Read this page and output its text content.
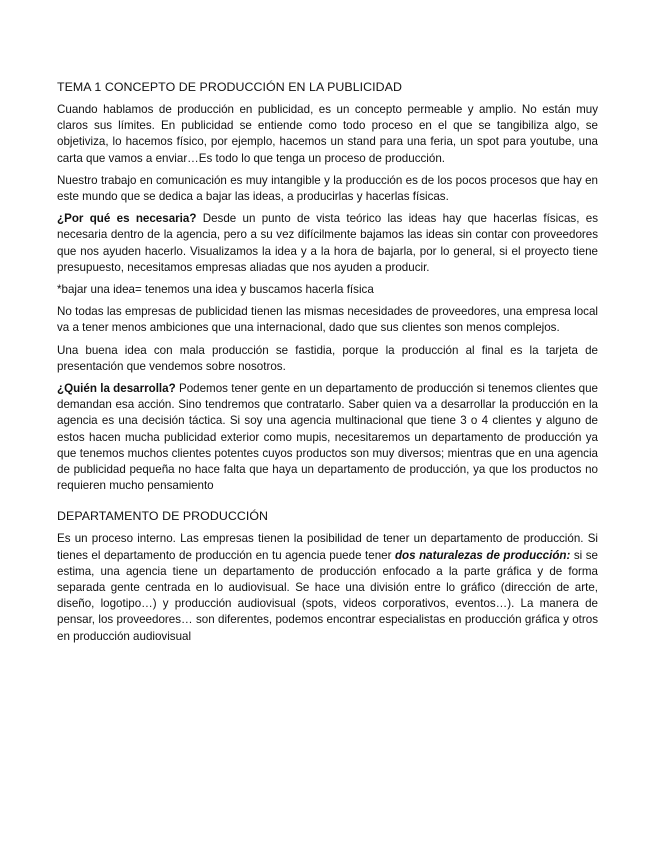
TEMA 1 CONCEPTO DE PRODUCCIÓN EN LA PUBLICIDAD

Cuando hablamos de producción en publicidad, es un concepto permeable y amplio. No están muy claros sus límites. En publicidad se entiende como todo proceso en el que se tangibiliza algo, se objetiviza, lo hacemos físico, por ejemplo, hacemos un stand para una feria, un spot para youtube, una carta que vamos a enviar…Es todo lo que tenga un proceso de producción.

Nuestro trabajo en comunicación es muy intangible y la producción es de los pocos procesos que hay en este mundo que se dedica a bajar las ideas, a producirlas y hacerlas físicas.

¿Por qué es necesaria? Desde un punto de vista teórico las ideas hay que hacerlas físicas, es necesaria dentro de la agencia, pero a su vez difícilmente bajamos las ideas sin contar con proveedores que nos ayuden hacerlo. Visualizamos la idea y a la hora de bajarla, por lo general, si el proyecto tiene presupuesto, necesitamos empresas aliadas que nos ayuden a producir.

*bajar una idea= tenemos una idea y buscamos hacerla física

No todas las empresas de publicidad tienen las mismas necesidades de proveedores, una empresa local va a tener menos ambiciones que una internacional, dado que sus clientes son menos complejos.

Una buena idea con mala producción se fastidia, porque la producción al final es la tarjeta de presentación que vendemos sobre nosotros.

¿Quién la desarrolla? Podemos tener gente en un departamento de producción si tenemos clientes que demandan esa acción. Sino tendremos que contratarlo. Saber quien va a desarrollar la producción en la agencia es una decisión táctica. Si soy una agencia multinacional que tiene 3 o 4 clientes y alguno de estos hacen mucha publicidad exterior como mupis, necesitaremos un departamento de producción ya que tenemos muchos clientes potentes cuyos productos son muy diversos; mientras que en una agencia de publicidad pequeña no hace falta que haya un departamento de producción, ya que los productos no requieren mucho pensamiento

DEPARTAMENTO DE PRODUCCIÓN

Es un proceso interno. Las empresas tienen la posibilidad de tener un departamento de producción. Si tienes el departamento de producción en tu agencia puede tener dos naturalezas de producción: si se estima, una agencia tiene un departamento de producción enfocado a la parte gráfica y de forma separada gente centrada en lo audiovisual. Se hace una división entre lo gráfico (dirección de arte, diseño, logotipo…) y producción audiovisual (spots, videos corporativos, eventos…). La manera de pensar, los proveedores… son diferentes, podemos encontrar especialistas en producción gráfica y otros en producción audiovisual
